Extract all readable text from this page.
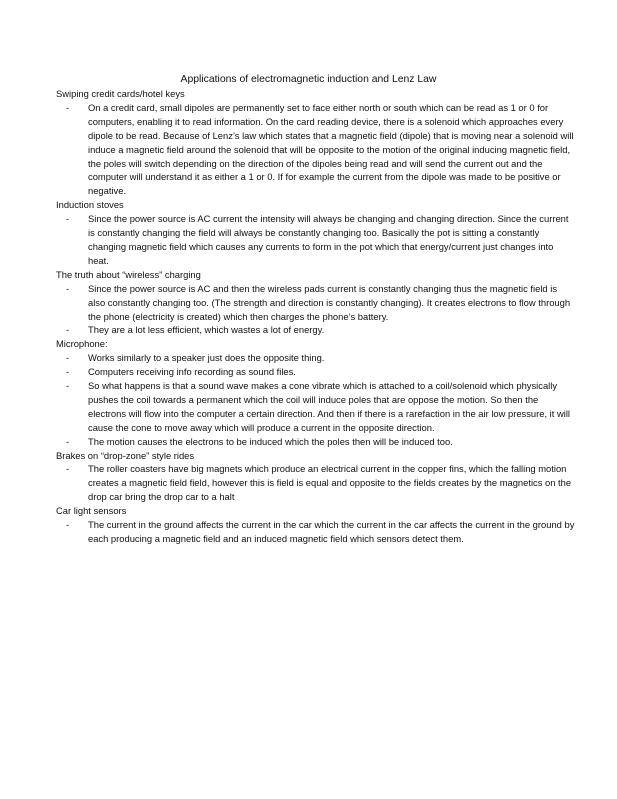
Applications of electromagnetic induction and Lenz Law
Swiping credit cards/hotel keys
- On a credit card, small dipoles are permanently set to face either north or south which can be read as 1 or 0 for computers, enabling it to read information. On the card reading device, there is a solenoid which approaches every dipole to be read. Because of Lenz’s law which states that a magnetic field (dipole) that is moving near a solenoid will induce a magnetic field around the solenoid that will be opposite to the motion of the original inducing magnetic field, the poles will switch depending on the direction of the dipoles being read and will send the current out and the computer will understand it as either a 1 or 0. If for example the current from the dipole was made to be positive or negative.
Induction stoves
- Since the power source is AC current the intensity will always be changing and changing direction. Since the current is constantly changing the field will always be constantly changing too. Basically the pot is sitting a constantly changing magnetic field which causes any currents to form in the pot which that energy/current just changes into heat.
The truth about “wireless” charging
- Since the power source is AC and then the wireless pads current is constantly changing thus the magnetic field is also constantly changing too. (The strength and direction is constantly changing). It creates electrons to flow through the phone (electricity is created) which then charges the phone’s battery.
- They are a lot less efficient, which wastes a lot of energy.
Microphone:
- Works similarly to a speaker just does the opposite thing.
- Computers receiving info recording as sound files.
- So what happens is that a sound wave makes a cone vibrate which is attached to a coil/solenoid which physically pushes the coil towards a permanent which the coil will induce poles that are oppose the motion. So then the electrons will flow into the computer a certain direction. And then if there is a rarefaction in the air low pressure, it will cause the cone to move away which will produce a current in the opposite direction.
- The motion causes the electrons to be induced which the poles then will be induced too.
Brakes on “drop-zone” style rides
- The roller coasters have big magnets which produce an electrical current in the copper fins, which the falling motion creates a magnetic field field, however this is field is equal and opposite to the fields creates by the magnetics on the drop car bring the drop car to a halt
Car light sensors
- The current in the ground affects the current in the car which the current in the car affects the current in the ground by each producing a magnetic field and an induced magnetic field which sensors detect them.
